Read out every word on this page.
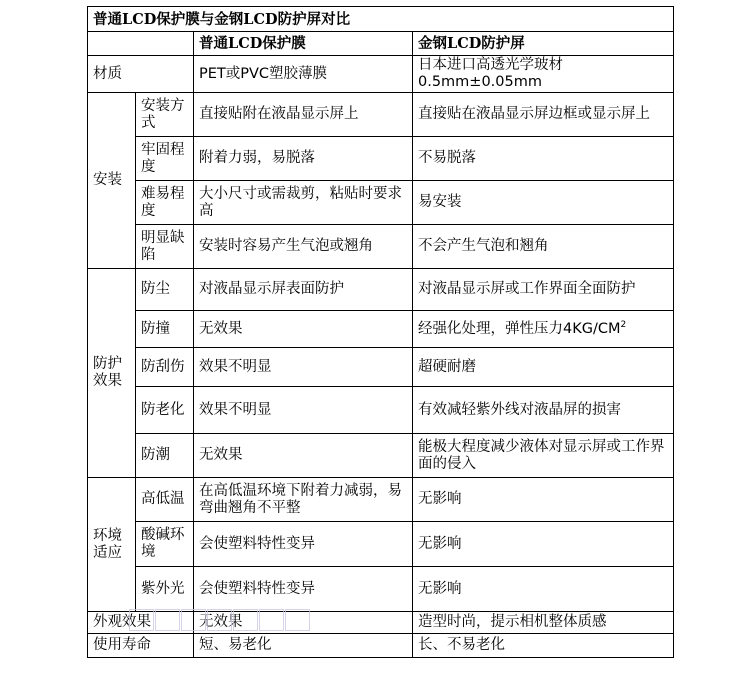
普通LCD保护膜与金钢LCD防护屏对比			
		普通LCD保护膜	金钢LCD防护屏
材质		PET或PVC塑胶薄膜	日本进口高透光学玻材
0.5mm±0.05mm

安装	安装方式	直接贴附在液晶显示屏上	直接贴在液晶显示屏边框或显示屏上
	牢固程度	附着力弱，易脱落	不易脱落
	难易程度	大小尺寸或需裁剪，粘贴时要求高	易安装
	明显缺陷	安装时容易产生气泡或翘角	不会产生气泡和翘角
防护效果	防尘	对液晶显示屏表面防护	对液晶显示屏或工作界面全面防护
	防撞	无效果	经强化处理，弹性压力$4KG/CM^2$
	防刮伤	效果不明显	超硬耐磨
	防老化	效果不明显	有效减轻紫外线对液晶屏的损害
	防潮	无效果	能极大程度减少液体对显示屏或工作界面的侵入
环境适应	高低温	在高低温环境下附着力减弱，易弯曲翘角不平整	无影响
	酸碱环境	会使塑料特性变异	无影响
	紫外光	会使塑料特性变异	无影响
外观效果		无效果	造型时尚，提示相机整体质感
使用寿命		短、易老化	长、不易老化
